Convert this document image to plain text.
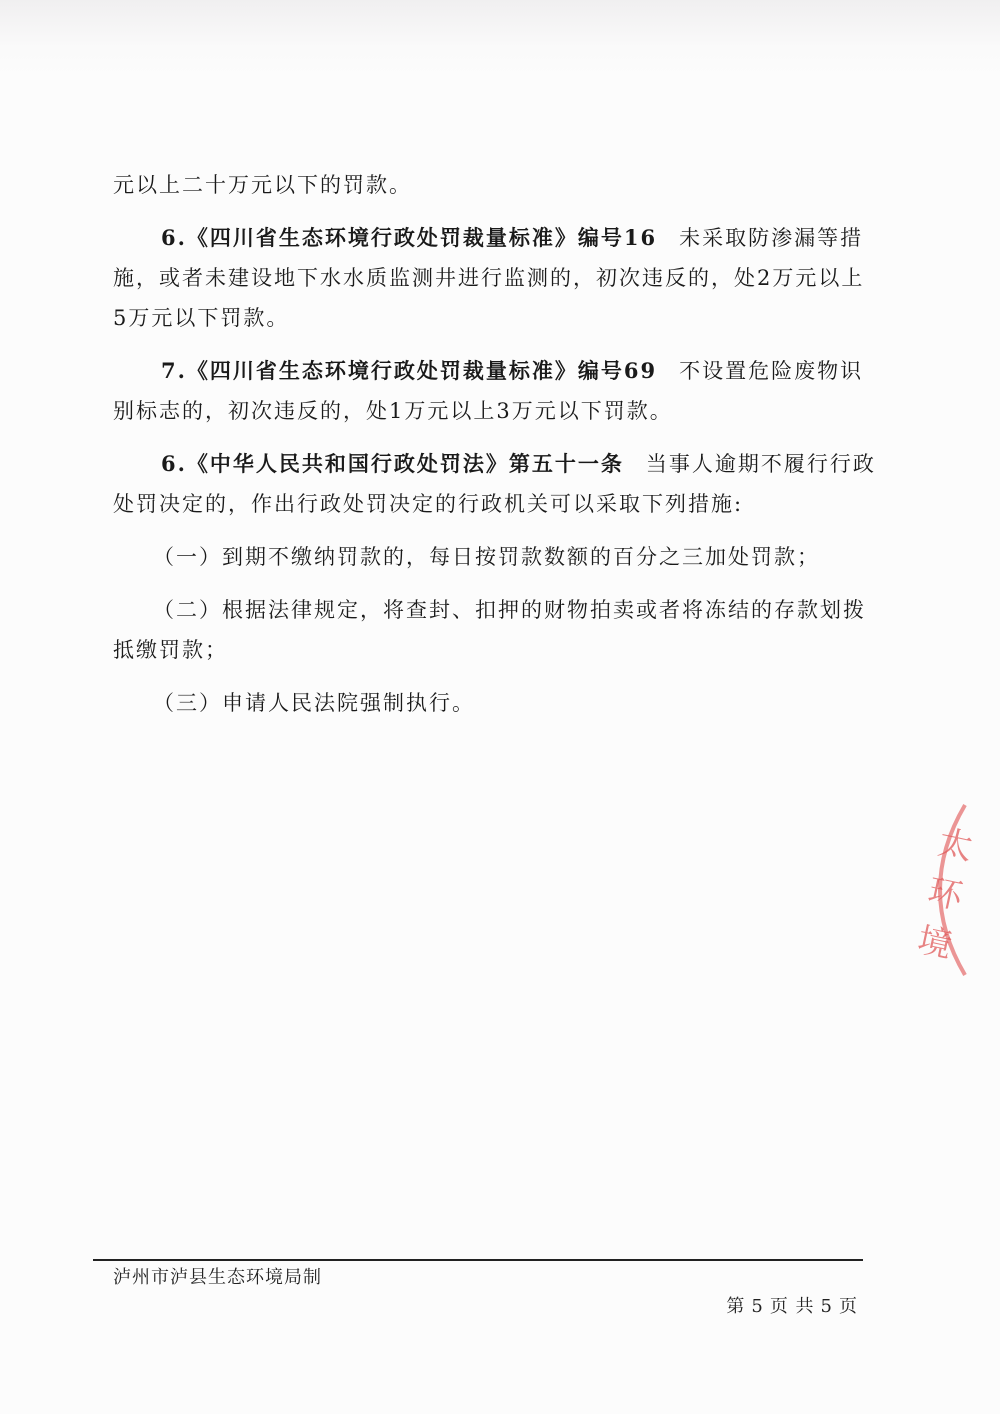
元以上二十万元以下的罚款。
6.《四川省生态环境行政处罚裁量标准》编号16 未采取防渗漏等措
施，或者未建设地下水水质监测井进行监测的，初次违反的，处2万元以上
5万元以下罚款。
7.《四川省生态环境行政处罚裁量标准》编号69 不设置危险废物识
别标志的，初次违反的，处1万元以上3万元以下罚款。
6.《中华人民共和国行政处罚法》第五十一条 当事人逾期不履行行政
处罚决定的，作出行政处罚决定的行政机关可以采取下列措施:
（一）到期不缴纳罚款的，每日按罚款数额的百分之三加处罚款；
（二）根据法律规定，将查封、扣押的财物拍卖或者将冻结的存款划拨
抵缴罚款；
（三）申请人民法院强制执行。
太环境
泸州市泸县生态环境局制
第 5 页 共 5 页
